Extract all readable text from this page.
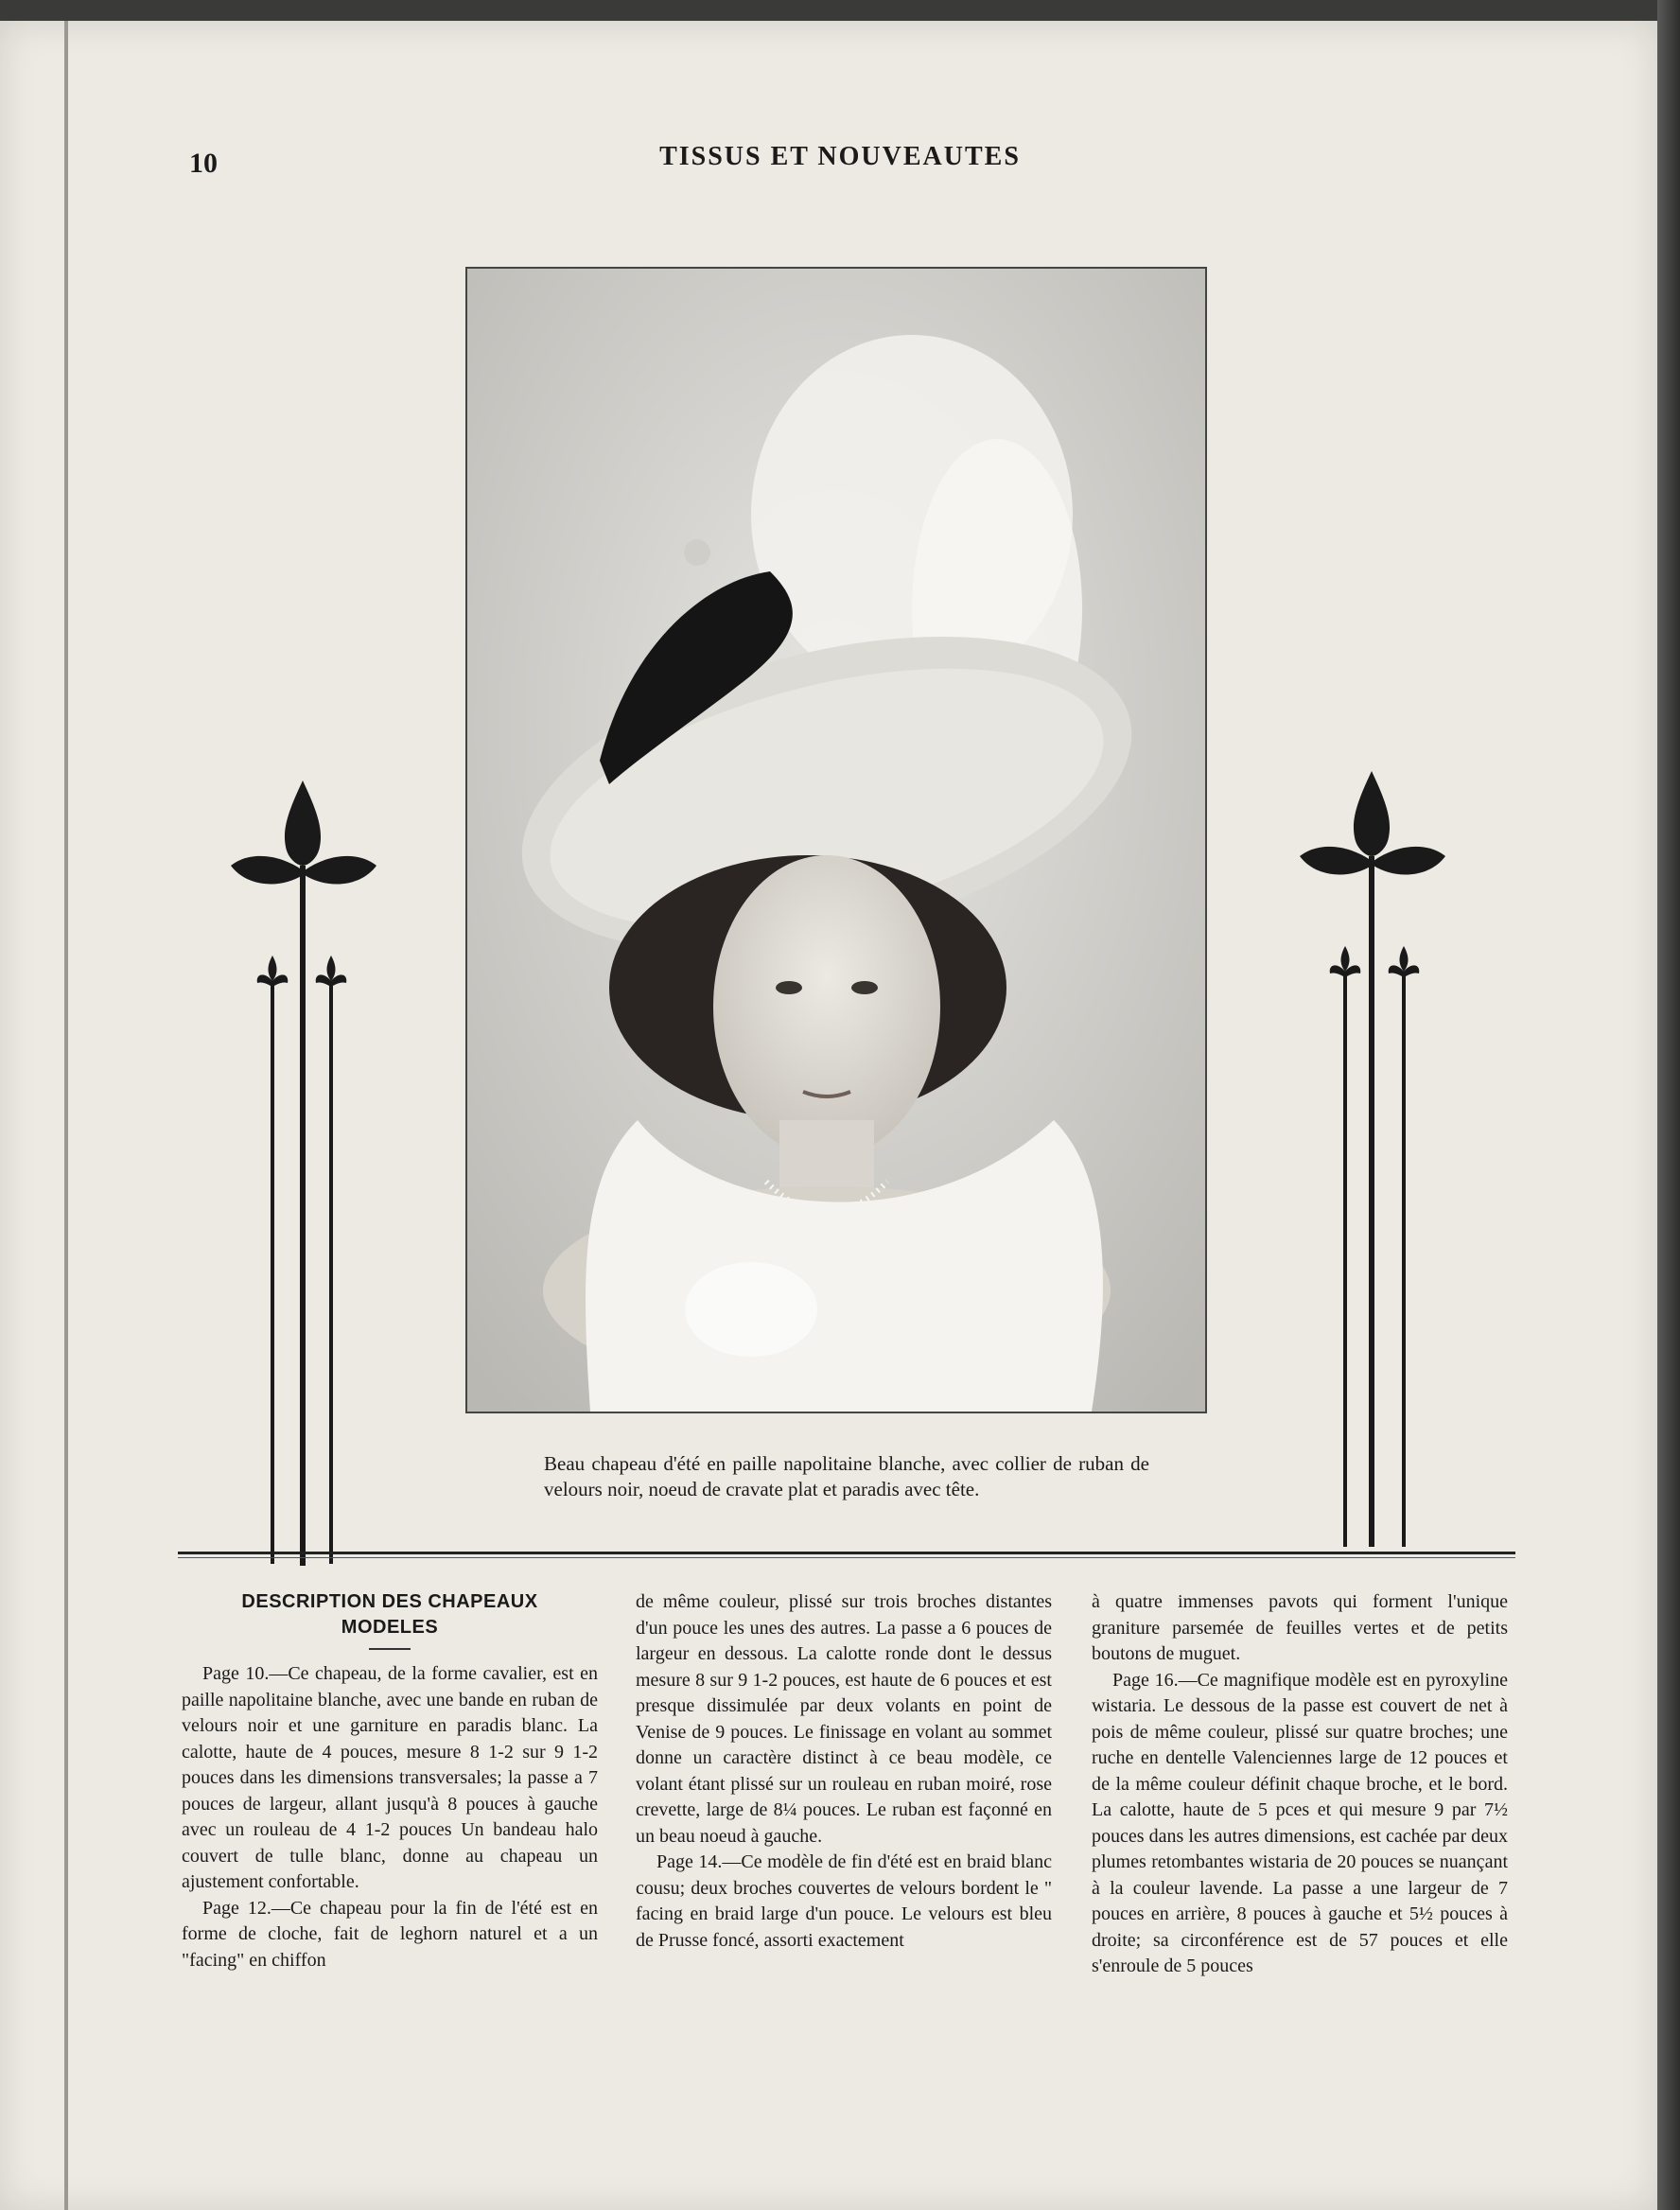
10	TISSUS ET NOUVEAUTES
Beau chapeau d'été en paille napolitaine blanche, avec collier de ruban de velours noir, noeud de cravate plat et paradis avec tête.
DESCRIPTION DES CHAPEAUX MODELES

Page 10.—Ce chapeau, de la forme cavalier, est en paille napolitaine blanche, avec une bande en ruban de velours noir et une garniture en paradis blanc. La calotte, haute de 4 pouces, mesure 8 1-2 sur 9 1-2 pouces dans les dimensions transversales; la passe a 7 pouces de largeur, allant jusqu'à 8 pouces à gauche avec un rouleau de 4 1-2 pouces Un bandeau halo couvert de tulle blanc, donne au chapeau un ajustement confortable.

Page 12.—Ce chapeau pour la fin de l'été est en forme de cloche, fait de leghorn naturel et a un "facing" en chiffon

de même couleur, plissé sur trois broches distantes d'un pouce les unes des autres. La passe a 6 pouces de largeur en dessous. La calotte ronde dont le dessus mesure 8 sur 9 1-2 pouces, est haute de 6 pouces et est presque dissimulée par deux volants en point de Venise de 9 pouces. Le finissage en volant au sommet donne un caractère distinct à ce beau modèle, ce volant étant plissé sur un rouleau en ruban moiré, rose crevette, large de 8¼ pouces. Le ruban est façonné en un beau noeud à gauche.

Page 14.—Ce modèle de fin d'été est en braid blanc cousu; deux broches couvertes de velours bordent le " facing en braid large d'un pouce. Le velours est bleu de Prusse foncé, assorti exactement

à quatre immenses pavots qui forment l'unique graniture parsemée de feuilles vertes et de petits boutons de muguet.

Page 16.—Ce magnifique modèle est en pyroxyline wistaria. Le dessous de la passe est couvert de net à pois de même couleur, plissé sur quatre broches; une ruche en dentelle Valenciennes large de 12 pouces et de la même couleur définit chaque broche, et le bord. La calotte, haute de 5 pces et qui mesure 9 par 7½ pouces dans les autres dimensions, est cachée par deux plumes retombantes wistaria de 20 pouces se nuançant à la couleur lavende. La passe a une largeur de 7 pouces en arrière, 8 pouces à gauche et 5½ pouces à droite; sa circonférence est de 57 pouces et elle s'enroule de 5 pouces
